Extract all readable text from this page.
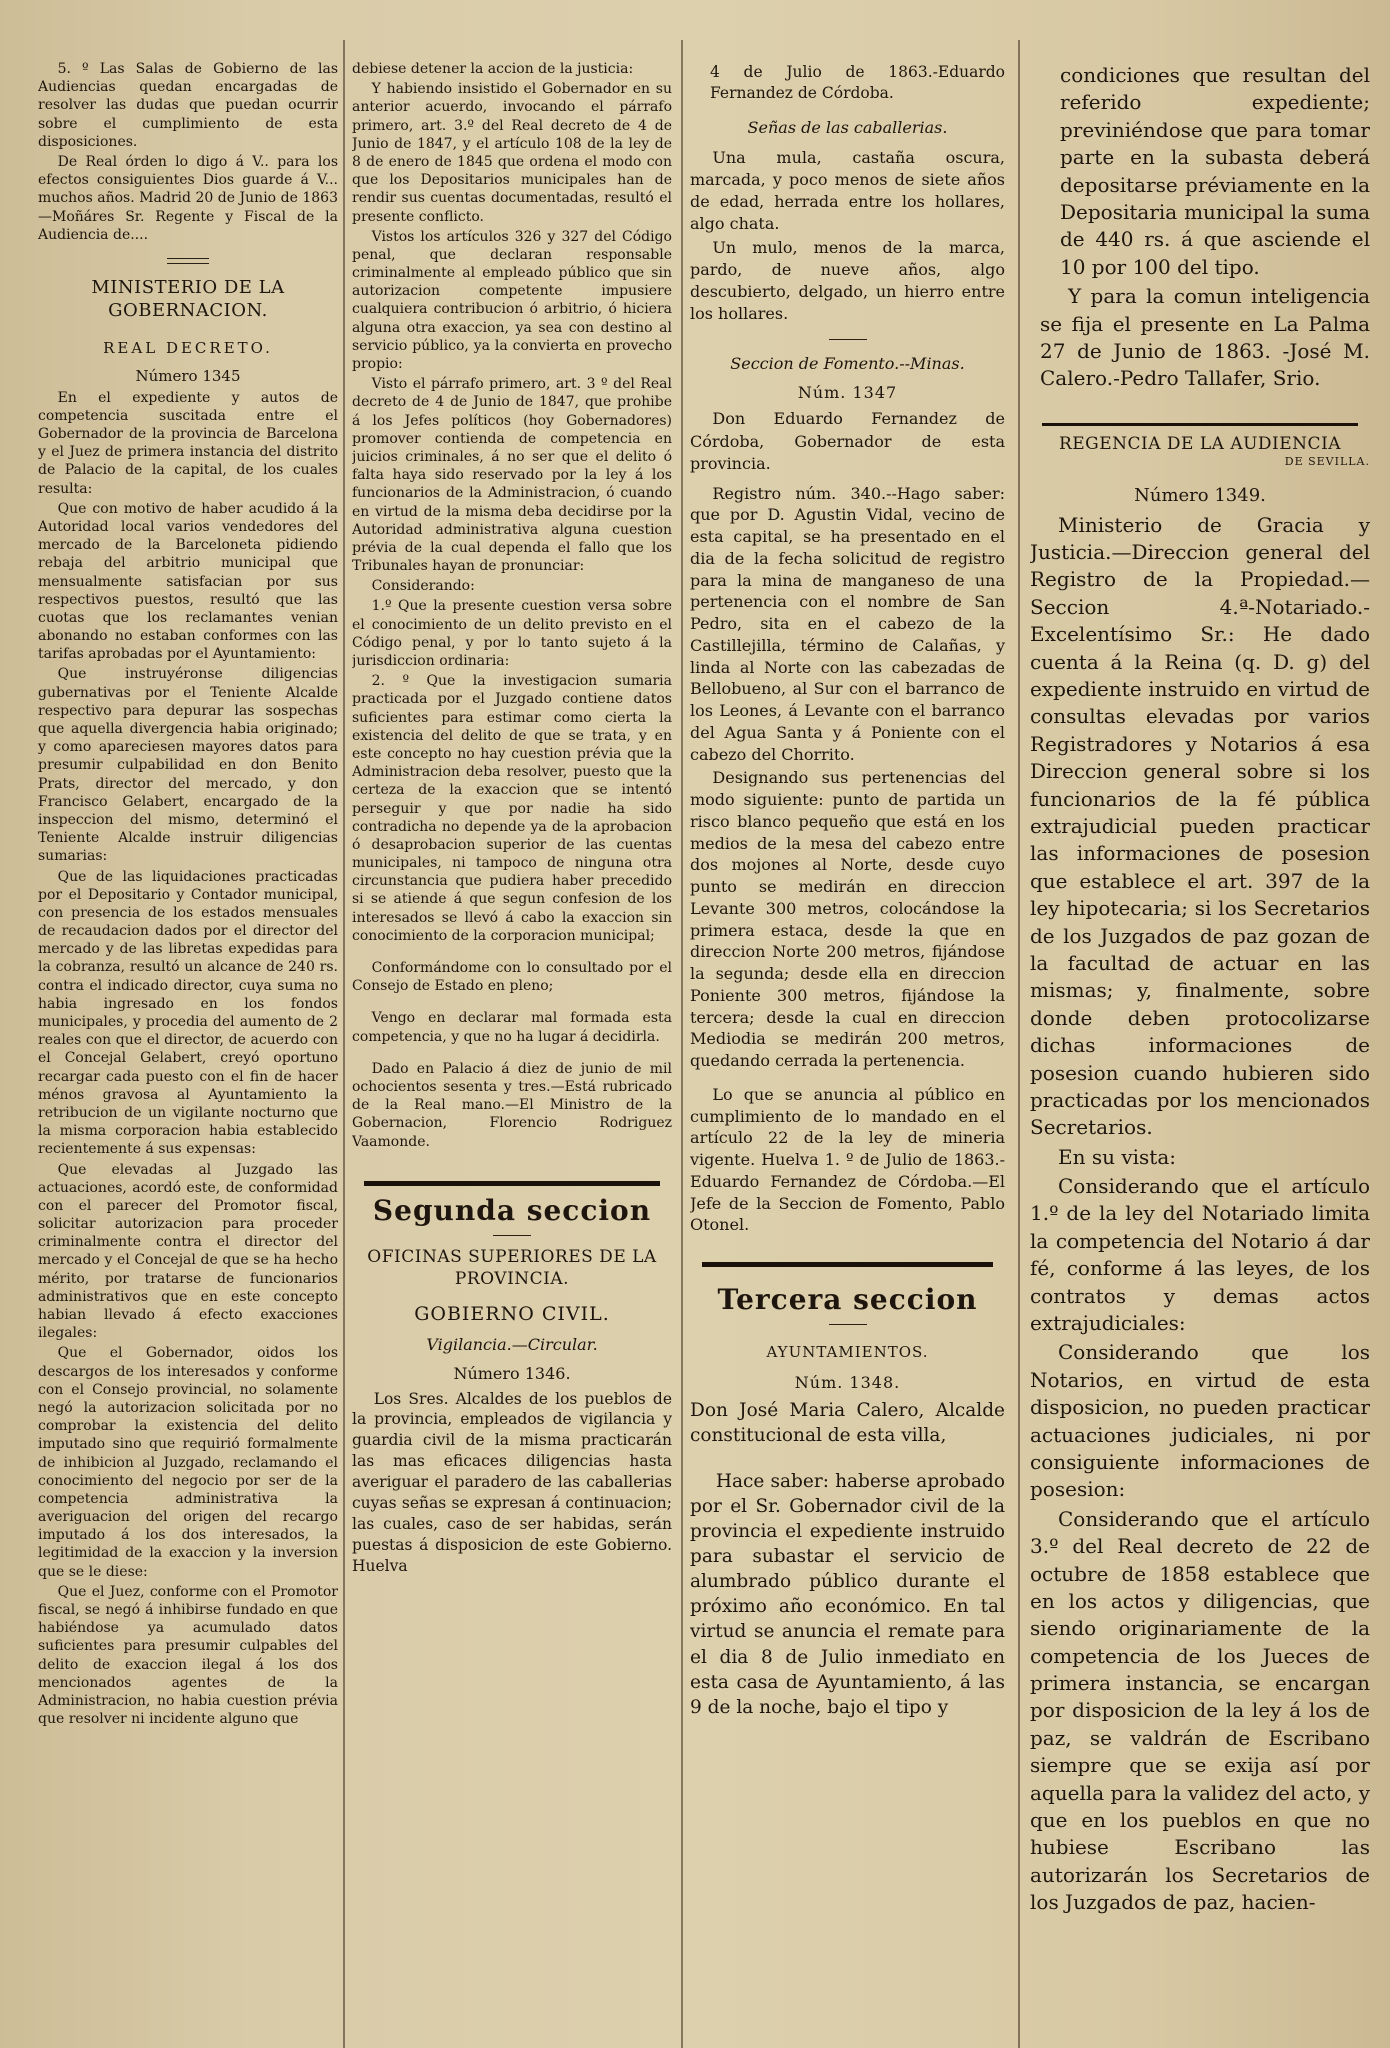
5. º Las Salas de Gobierno de las Audiencias quedan encargadas de resolver las dudas que puedan ocurrir sobre el cumplimiento de esta disposiciones.

De Real órden lo digo á V.. para los efectos consiguientes Dios guarde á V... muchos años. Madrid 20 de Junio de 1863 —Moñáres Sr. Regente y Fiscal de la Audiencia de....

MINISTERIO DE LA GOBERNACION.
REAL DECRETO.
Número 1345

En el expediente y autos de competencia suscitada entre el Gobernador de la provincia de Barcelona y el Juez de primera instancia del distrito de Palacio de la capital, de los cuales resulta:

Que con motivo de haber acudido á la Autoridad local varios vendedores del mercado de la Barceloneta pidiendo rebaja del arbitrio municipal que mensualmente satisfacian por sus respectivos puestos, resultó que las cuotas que los reclamantes venian abonando no estaban conformes con las tarifas aprobadas por el Ayuntamiento:

Que instruyéronse diligencias gubernativas por el Teniente Alcalde respectivo para depurar las sospechas que aquella divergencia habia originado; y como apareciesen mayores datos para presumir culpabilidad en don Benito Prats, director del mercado, y don Francisco Gelabert, encargado de la inspeccion del mismo, determinó el Teniente Alcalde instruir diligencias sumarias:

Que de las liquidaciones practicadas por el Depositario y Contador municipal, con presencia de los estados mensuales de recaudacion dados por el director del mercado y de las libretas expedidas para la cobranza, resultó un alcance de 240 rs. contra el indicado director, cuya suma no habia ingresado en los fondos municipales, y procedia del aumento de 2 reales con que el director, de acuerdo con el Concejal Gelabert, creyó oportuno recargar cada puesto con el fin de hacer ménos gravosa al Ayuntamiento la retribucion de un vigilante nocturno que la misma corporacion habia establecido recientemente á sus expensas:

Que elevadas al Juzgado las actuaciones, acordó este, de conformidad con el parecer del Promotor fiscal, solicitar autorizacion para proceder criminalmente contra el director del mercado y el Concejal de que se ha hecho mérito, por tratarse de funcionarios administrativos que en este concepto habian llevado á efecto exacciones ilegales:

Que el Gobernador, oidos los descargos de los interesados y conforme con el Consejo provincial, no solamente negó la autorizacion solicitada por no comprobar la existencia del delito imputado sino que requirió formalmente de inhibicion al Juzgado, reclamando el conocimiento del negocio por ser de la competencia administrativa la averiguacion del origen del recargo imputado á los dos interesados, la legitimidad de la exaccion y la inversion que se le diese:

Que el Juez, conforme con el Promotor fiscal, se negó á inhibirse fundado en que habiéndose ya acumulado datos suficientes para presumir culpables del delito de exaccion ilegal á los dos mencionados agentes de la Administracion, no habia cuestion prévia que resolver ni incidente alguno que

debiese detener la accion de la justicia:

Y habiendo insistido el Gobernador en su anterior acuerdo, invocando el párrafo primero, art. 3.º del Real decreto de 4 de Junio de 1847, y el artículo 108 de la ley de 8 de enero de 1845 que ordena el modo con que los Depositarios municipales han de rendir sus cuentas documentadas, resultó el presente conflicto.

Vistos los artículos 326 y 327 del Código penal, que declaran responsable criminalmente al empleado público que sin autorizacion competente impusiere cualquiera contribucion ó arbitrio, ó hiciera alguna otra exaccion, ya sea con destino al servicio público, ya la convierta en provecho propio:

Visto el párrafo primero, art. 3 º del Real decreto de 4 de Junio de 1847, que prohibe á los Jefes políticos (hoy Gobernadores) promover contienda de competencia en juicios criminales, á no ser que el delito ó falta haya sido reservado por la ley á los funcionarios de la Administracion, ó cuando en virtud de la misma deba decidirse por la Autoridad administrativa alguna cuestion prévia de la cual dependa el fallo que los Tribunales hayan de pronunciar:

Considerando:

1.º Que la presente cuestion versa sobre el conocimiento de un delito previsto en el Código penal, y por lo tanto sujeto á la jurisdiccion ordinaria:

2. º Que la investigacion sumaria practicada por el Juzgado contiene datos suficientes para estimar como cierta la existencia del delito de que se trata, y en este concepto no hay cuestion prévia que la Administracion deba resolver, puesto que la certeza de la exaccion que se intentó perseguir y que por nadie ha sido contradicha no depende ya de la aprobacion ó desaprobacion superior de las cuentas municipales, ni tampoco de ninguna otra circunstancia que pudiera haber precedido si se atiende á que segun confesion de los interesados se llevó á cabo la exaccion sin conocimiento de la corporacion municipal;

Conformándome con lo consultado por el Consejo de Estado en pleno;

Vengo en declarar mal formada esta competencia, y que no ha lugar á decidirla.

Dado en Palacio á diez de junio de mil ochocientos sesenta y tres.—Está rubricado de la Real mano.—El Ministro de la Gobernacion, Florencio Rodriguez Vaamonde.

Segunda seccion
OFICINAS SUPERIORES DE LA PROVINCIA.
GOBIERNO CIVIL.
Vigilancia.—Circular.
Número 1346.

Los Sres. Alcaldes de los pueblos de la provincia, empleados de vigilancia y guardia civil de la misma practicarán las mas eficaces diligencias hasta averiguar el paradero de las caballerias cuyas señas se expresan á continuacion; las cuales, caso de ser habidas, serán puestas á disposicion de este Gobierno. Huelva

4 de Julio de 1863.-Eduardo Fernandez de Córdoba.

Señas de las caballerias.

Una mula, castaña oscura, marcada, y poco menos de siete años de edad, herrada entre los hollares, algo chata.

Un mulo, menos de la marca, pardo, de nueve años, algo descubierto, delgado, un hierro entre los hollares.

Seccion de Fomento.--Minas.
Núm. 1347

Don Eduardo Fernandez de Córdoba, Gobernador de esta provincia.

Registro núm. 340.--Hago saber: que por D. Agustin Vidal, vecino de esta capital, se ha presentado en el dia de la fecha solicitud de registro para la mina de manganeso de una pertenencia con el nombre de San Pedro, sita en el cabezo de la Castillejilla, término de Calañas, y linda al Norte con las cabezadas de Bellobueno, al Sur con el barranco de los Leones, á Levante con el barranco del Agua Santa y á Poniente con el cabezo del Chorrito.

Designando sus pertenencias del modo siguiente: punto de partida un risco blanco pequeño que está en los medios de la mesa del cabezo entre dos mojones al Norte, desde cuyo punto se medirán en direccion Levante 300 metros, colocándose la primera estaca, desde la que en direccion Norte 200 metros, fijándose la segunda; desde ella en direccion Poniente 300 metros, fijándose la tercera; desde la cual en direccion Mediodia se medirán 200 metros, quedando cerrada la pertenencia.

Lo que se anuncia al público en cumplimiento de lo mandado en el artículo 22 de la ley de mineria vigente. Huelva 1. º de Julio de 1863.-Eduardo Fernandez de Córdoba.—El Jefe de la Seccion de Fomento, Pablo Otonel.

Tercera seccion
AYUNTAMIENTOS.
Núm. 1348.

Don José Maria Calero, Alcalde constitucional de esta villa,

Hace saber: haberse aprobado por el Sr. Gobernador civil de la provincia el expediente instruido para subastar el servicio de alumbrado público durante el próximo año económico. En tal virtud se anuncia el remate para el dia 8 de Julio inmediato en esta casa de Ayuntamiento, á las 9 de la noche, bajo el tipo y

condiciones que resultan del referido expediente; previniéndose que para tomar parte en la subasta deberá depositarse préviamente en la Depositaria municipal la suma de 440 rs. á que asciende el 10 por 100 del tipo.

Y para la comun inteligencia se fija el presente en La Palma 27 de Junio de 1863. -José M. Calero.-Pedro Tallafer, Srio.

REGENCIA DE LA AUDIENCIA
DE SEVILLA.
Número 1349.

Ministerio de Gracia y Justicia.—Direccion general del Registro de la Propiedad.—Seccion 4.ª-Notariado.-Excelentísimo Sr.: He dado cuenta á la Reina (q. D. g) del expediente instruido en virtud de consultas elevadas por varios Registradores y Notarios á esa Direccion general sobre si los funcionarios de la fé pública extrajudicial pueden practicar las informaciones de posesion que establece el art. 397 de la ley hipotecaria; si los Secretarios de los Juzgados de paz gozan de la facultad de actuar en las mismas; y, finalmente, sobre donde deben protocolizarse dichas informaciones de posesion cuando hubieren sido practicadas por los mencionados Secretarios.

En su vista:

Considerando que el artículo 1.º de la ley del Notariado limita la competencia del Notario á dar fé, conforme á las leyes, de los contratos y demas actos extrajudiciales:

Considerando que los Notarios, en virtud de esta disposicion, no pueden practicar actuaciones judiciales, ni por consiguiente informaciones de posesion:

Considerando que el artículo 3.º del Real decreto de 22 de octubre de 1858 establece que en los actos y diligencias, que siendo originariamente de la competencia de los Jueces de primera instancia, se encargan por disposicion de la ley á los de paz, se valdrán de Escribano siempre que se exija así por aquella para la validez del acto, y que en los pueblos en que no hubiese Escribano las autorizarán los Secretarios de los Juzgados de paz, hacien-
